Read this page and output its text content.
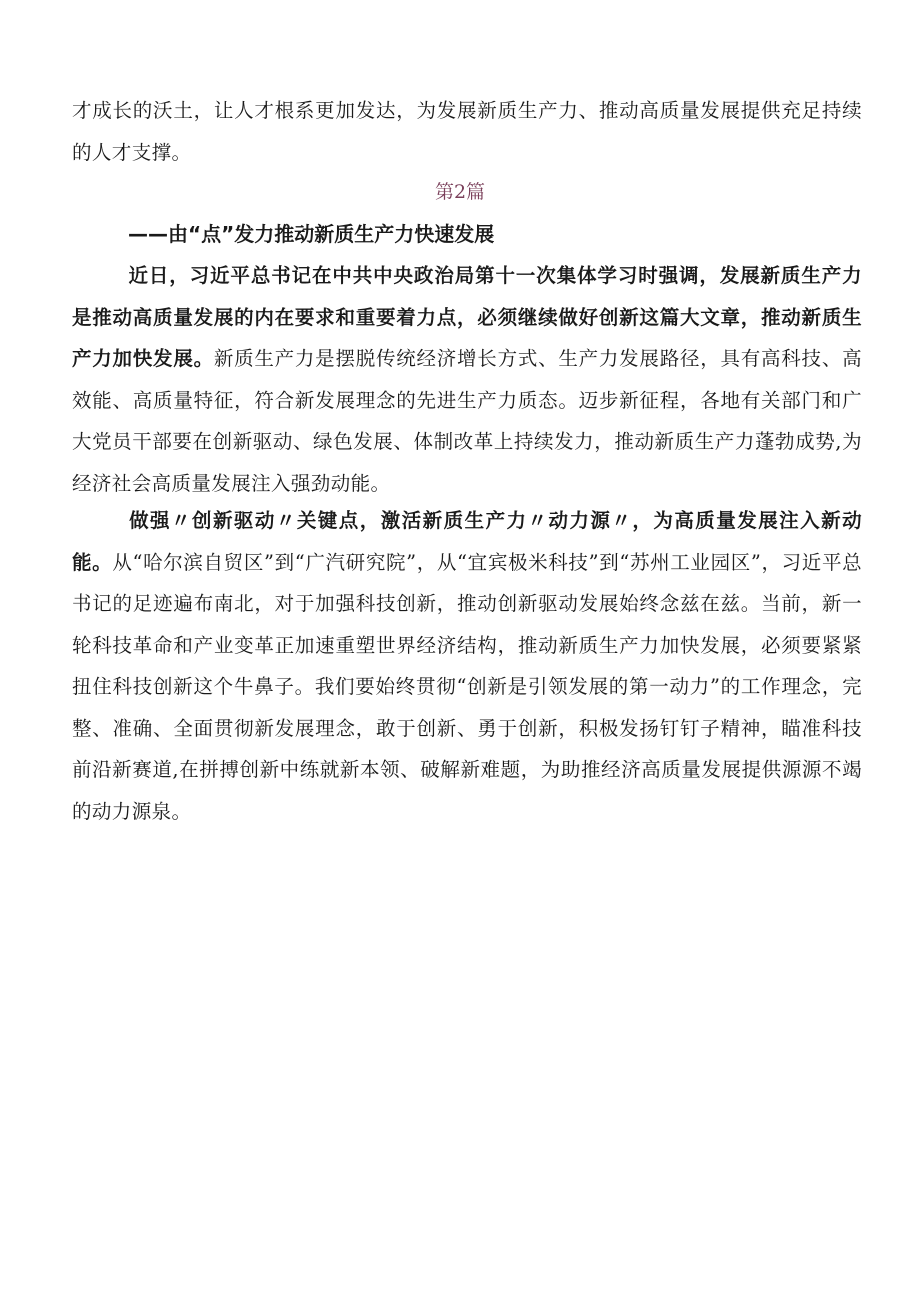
才成长的沃土，让人才根系更加发达，为发展新质生产力、推动高质量发展提供充足持续的人才支撑。
第2篇
——由“点”发力推动新质生产力快速发展
近日，习近平总书记在中共中央政治局第十一次集体学习时强调，发展新质生产力是推动高质量发展的内在要求和重要着力点，必须继续做好创新这篇大文章，推动新质生产力加快发展。新质生产力是摆脱传统经济增长方式、生产力发展路径，具有高科技、高效能、高质量特征，符合新发展理念的先进生产力质态。迈步新征程，各地有关部门和广大党员干部要在创新驱动、绿色发展、体制改革上持续发力，推动新质生产力蓬勃成势,为经济社会高质量发展注入强劲动能。
做强〃创新驱动〃关键点，激活新质生产力〃动力源〃，为高质量发展注入新动能。从“哈尔滨自贸区”到“广汽研究院”，从“宜宾极米科技”到“苏州工业园区”，习近平总书记的足迹遍布南北，对于加强科技创新，推动创新驱动发展始终念兹在兹。当前，新一轮科技革命和产业变革正加速重塑世界经济结构，推动新质生产力加快发展，必须要紧紧扭住科技创新这个牛鼻子。我们要始终贯彻“创新是引领发展的第一动力”的工作理念，完整、准确、全面贯彻新发展理念，敢于创新、勇于创新，积极发扬钉钉子精神，瞄准科技前沿新赛道,在拼搏创新中练就新本领、破解新难题，为助推经济高质量发展提供源源不竭的动力源泉。
